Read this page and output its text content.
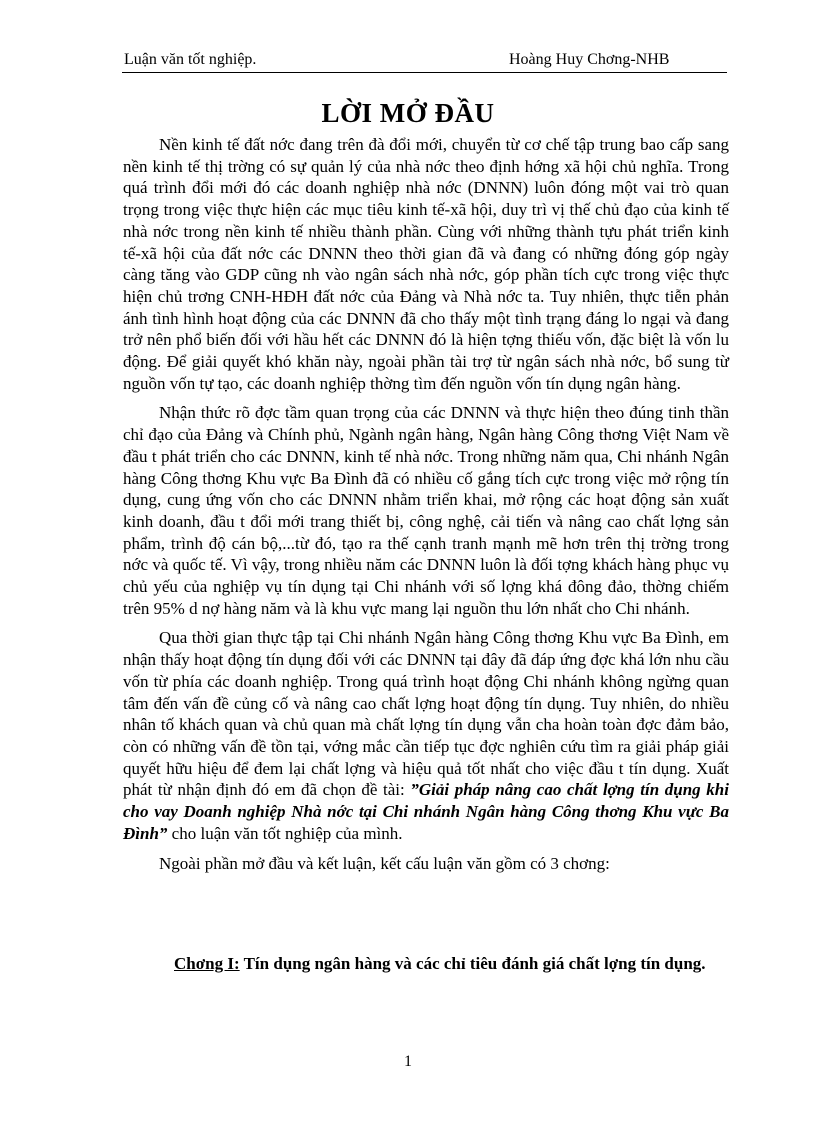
Luận văn tốt nghiệp.	Hoàng Huy Chơng-NHB
LỜI MỞ ĐẦU

Nền kinh tế đất nớc đang trên đà đổi mới, chuyển từ cơ chế tập trung bao cấp sang nền kinh tế thị trờng có sự quản lý của nhà nớc theo định hớng xã hội chủ nghĩa. Trong quá trình đổi mới đó các doanh nghiệp nhà nớc (DNNN) luôn đóng một vai trò quan trọng trong việc thực hiện các mục tiêu kinh tế-xã hội, duy trì vị thế chủ đạo của kinh tế nhà nớc trong nền kinh tế nhiều thành phần. Cùng với những thành tựu phát triển kinh tế-xã hội của đất nớc các DNNN theo thời gian đã và đang có những đóng góp ngày càng tăng vào GDP cũng nh vào ngân sách nhà nớc, góp phần tích cực trong việc thực hiện chủ trơng CNH-HĐH đất nớc của Đảng và Nhà nớc ta. Tuy nhiên, thực tiễn phản ánh tình hình hoạt động của các DNNN đã cho thấy một tình trạng đáng lo ngại và đang trở nên phổ biến đối với hầu hết các DNNN đó là hiện tợng thiếu vốn, đặc biệt là vốn lu động. Để giải quyết khó khăn này, ngoài phần tài trợ từ ngân sách nhà nớc, bổ sung từ nguồn vốn tự tạo, các doanh nghiệp thờng tìm đến nguồn vốn tín dụng ngân hàng.

Nhận thức rõ đợc tầm quan trọng của các DNNN và thực hiện theo đúng tinh thần chỉ đạo của Đảng và Chính phủ, Ngành ngân hàng, Ngân hàng Công thơng Việt Nam về đầu t phát triển cho các DNNN, kinh tế nhà nớc. Trong những năm qua, Chi nhánh Ngân hàng Công thơng Khu vực Ba Đình đã có nhiều cố gắng tích cực trong việc mở rộng tín dụng, cung ứng vốn cho các DNNN nhằm triển khai, mở rộng các hoạt động sản xuất kinh doanh, đầu t đổi mới trang thiết bị, công nghệ, cải tiến và nâng cao chất lợng sản phẩm, trình độ cán bộ,...từ đó, tạo ra thế cạnh tranh mạnh mẽ hơn trên thị trờng trong nớc và quốc tế. Vì vậy, trong nhiều năm các DNNN luôn là đối tợng khách hàng phục vụ chủ yếu của nghiệp vụ tín dụng tại Chi nhánh với số lợng khá đông đảo, thờng chiếm trên 95% d nợ hàng năm và là khu vực mang lại nguồn thu lớn nhất cho Chi nhánh.

Qua thời gian thực tập tại Chi nhánh Ngân hàng Công thơng Khu vực Ba Đình, em nhận thấy hoạt động tín dụng đối với các DNNN tại đây đã đáp ứng đợc khá lớn nhu cầu vốn từ phía các doanh nghiệp. Trong quá trình hoạt động Chi nhánh không ngừng quan tâm đến vấn đề củng cố và nâng cao chất lợng hoạt động tín dụng. Tuy nhiên, do nhiều nhân tố khách quan và chủ quan mà chất lợng tín dụng vẫn cha hoàn toàn đợc đảm bảo, còn có những vấn đề tồn tại, vớng mắc cần tiếp tục đợc nghiên cứu tìm ra giải pháp giải quyết hữu hiệu để đem lại chất lợng và hiệu quả tốt nhất cho việc đầu t tín dụng. Xuất phát từ nhận định đó em đã chọn đề tài: ”Giải pháp nâng cao chất lợng tín dụng khi cho vay Doanh nghiệp Nhà nớc tại Chi nhánh Ngân hàng Công thơng Khu vực Ba Đình” cho luận văn tốt nghiệp của mình.

Ngoài phần mở đầu và kết luận, kết cấu luận văn gồm có 3 chơng:

Chơng I: Tín dụng ngân hàng và các chỉ tiêu đánh giá chất lợng tín dụng.
1
